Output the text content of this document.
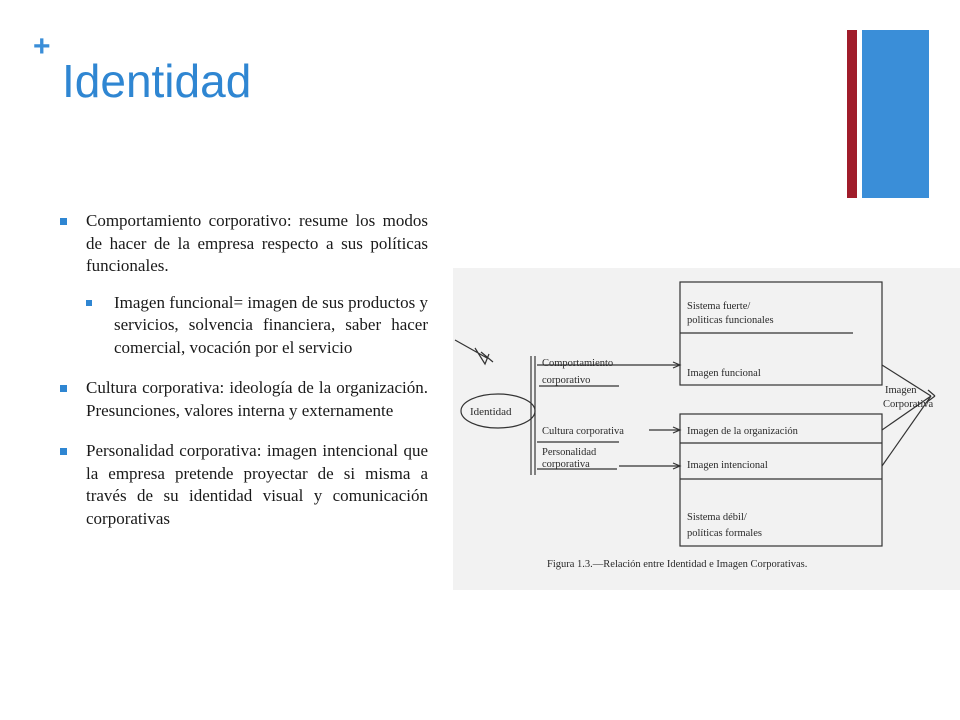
+
Identidad
Comportamiento corporativo: resume los modos de hacer de la empresa respecto a sus políticas funcionales.
Imagen funcional= imagen de sus productos y servicios, solvencia financiera, saber hacer comercial, vocación por el servicio
Cultura corporativa: ideología de la organización. Presunciones, valores interna y externamente
Personalidad corporativa: imagen intencional que la empresa pretende proyectar de si misma a través de su identidad visual y comunicación corporativas
Identidad
Comportamiento
corporativo
Cultura corporativa
Personalidad
corporativa
Sistema fuerte/
politicas funcionales
Imagen funcional
Imagen de la organización
Imagen intencional
Sistema débil/
políticas formales
Imagen
Corporativa
Figura 1.3.—Relación entre Identidad e Imagen Corporativas.
